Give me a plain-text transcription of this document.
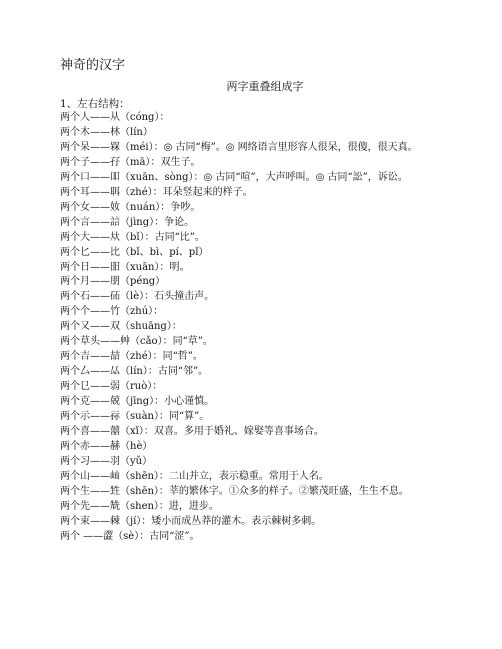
神奇的汉字
两字重叠组成字
1、左右结构：
两个人——从（cóng）：
两个木——林（lín）
两个呆——槑（méi）：◎ 古同“梅”。◎ 网络语言里形容人很呆，很傻，很天真。
两个子——孖（mā）：双生子。
两个口——吅（xuān、sòng）：◎ 古同“喧”，大声呼叫。◎ 古同“訟”，诉讼。
两个耳——聑（zhé）：耳朵竖起来的样子。
两个女——奻（nuán）：争吵。
两个言——誩（jìng）：争论。
两个大——夶（bǐ）：古同“比”。
两个匕——比（bǐ、bì、pí、pǐ）
两个日——昍（xuān）：明。
两个月——朋（péng）
两个石——砳（lè）：石头撞击声。
两个个——竹（zhú）：
两个又——双（shuāng）：
两个草头——艸（cǎo）：同“草”。
两个吉——喆（zhé）：同“哲”。
两个厶——厸（lín）：古同“邻”。
两个㔾——弱（ruò）：
两个克——兢（jīng）：小心谨慎。
两个示——祘（suàn）：同“算”。
两个喜——囍（xǐ）：双喜。多用于婚礼、嫁娶等喜事场合。
两个赤——赫（hè）
两个习——羽（yǔ）
两个山——屾（shēn）：二山并立，表示稳重。常用于人名。
两个生——甡（shēn）：莘的繁体字。①众多的样子。②繁茂旺盛，生生不息。
两个先——兟（shen）：进，进步。
两个束——棘（jí）：矮小而成丛莽的灌木。表示棘树多刺。
两个 ——澀（sè）：古同“涩”。
